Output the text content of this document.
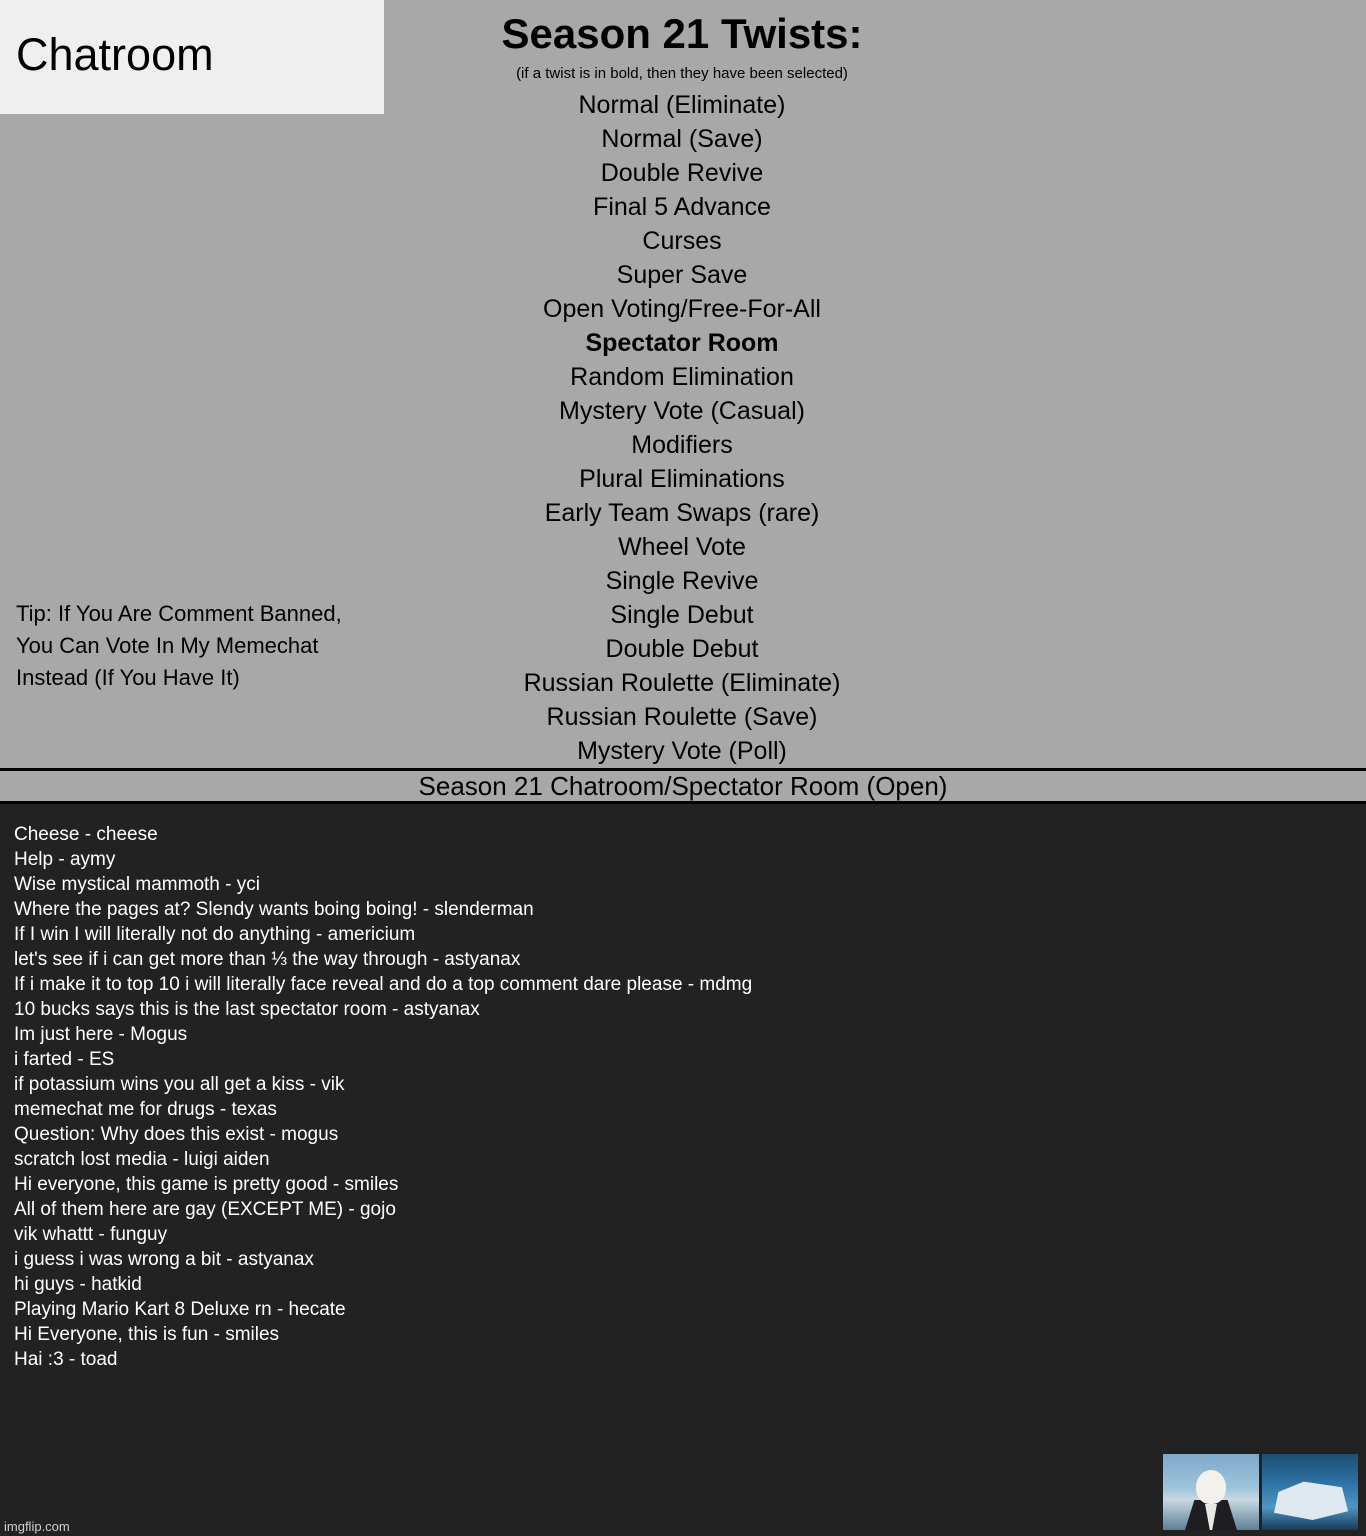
Chatroom	Season 21 Twists:
(if a twist is in bold, then they have been selected)
Normal (Eliminate)
Normal (Save)
Double Revive
Final 5 Advance
Curses
Super Save
Open Voting/Free-For-All
Spectator Room
Random Elimination
Mystery Vote (Casual)
Modifiers
Plural Eliminations
Early Team Swaps (rare)
Wheel Vote
Single Revive
Single Debut
Double Debut
Russian Roulette (Eliminate)
Russian Roulette (Save)
Mystery Vote (Poll)
Tip: If You Are Comment Banned, You Can Vote In My Memechat Instead (If You Have It)
Season 21 Chatroom/Spectator Room (Open)
Cheese - cheese
Help - aymy
Wise mystical mammoth - yci
Where the pages at? Slendy wants boing boing! - slenderman
If I win I will literally not do anything - americium
let's see if i can get more than ⅓ the way through - astyanax
If i make it to top 10 i will literally face reveal and do a top comment dare please - mdmg
10 bucks says this is the last spectator room - astyanax
Im just here - Mogus
i farted - ES
if potassium wins you all get a kiss - vik
memechat me for drugs - texas
Question: Why does this exist - mogus
scratch lost media - luigi aiden
Hi everyone, this game is pretty good - smiles
All of them here are gay (EXCEPT ME) - gojo
vik whattt - funguy
i guess i was wrong a bit - astyanax
hi guys - hatkid
Playing Mario Kart 8 Deluxe rn - hecate
Hi Everyone, this is fun - smiles
Hai :3 - toad
imgflip.com
